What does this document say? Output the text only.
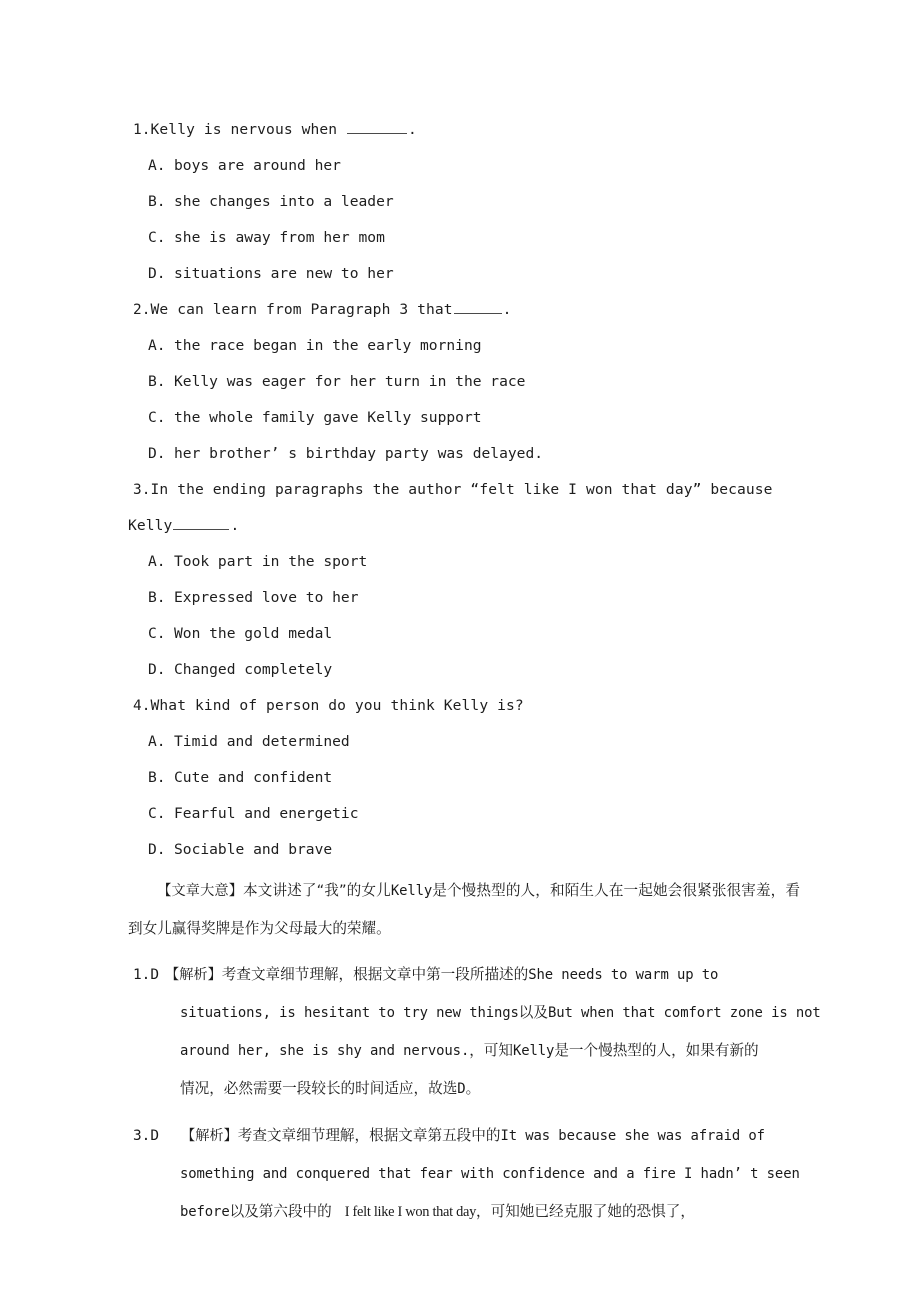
1.Kelly is nervous when	.

A. boys are around her

B. she changes into a leader

C. she is away from her mom

D. situations are new to her

2.We can learn from Paragraph 3 that	.

A. the race began in the early morning

B. Kelly was eager for her turn in the race

C. the whole family gave Kelly support

D. her brother’ s birthday party was delayed.

3.In the ending paragraphs the author “felt like I won that day” because
Kelly	.

A. Took part in the sport

B. Expressed love to her

C. Won the gold medal

D. Changed completely

4.What kind of person do you think Kelly is?

A. Timid and determined

B. Cute and confident

C. Fearful and energetic

D. Sociable and brave

【文章大意】本文讲述了“我”的女儿Kelly是个慢热型的人，和陌生人在一起她会很紧张很害羞，看到女儿赢得奖牌是作为父母最大的荣耀。

1.D 【解析】考查文章细节理解，根据文章中第一段所描述的She needs to warm up to
situations, is hesitant to try new things以及But when that comfort zone is not
around her, she is shy and nervous.，可知Kelly是一个慢热型的人，如果有新的
情况，必然需要一段较长的时间适应，故选D。
3.D 【解析】考查文章细节理解，根据文章第五段中的It was because she was afraid of
something and conquered that fear with confidence and a fire I hadn’ t seen
before以及第六段中的 I felt like I won that day，可知她已经克服了她的恐惧了，
